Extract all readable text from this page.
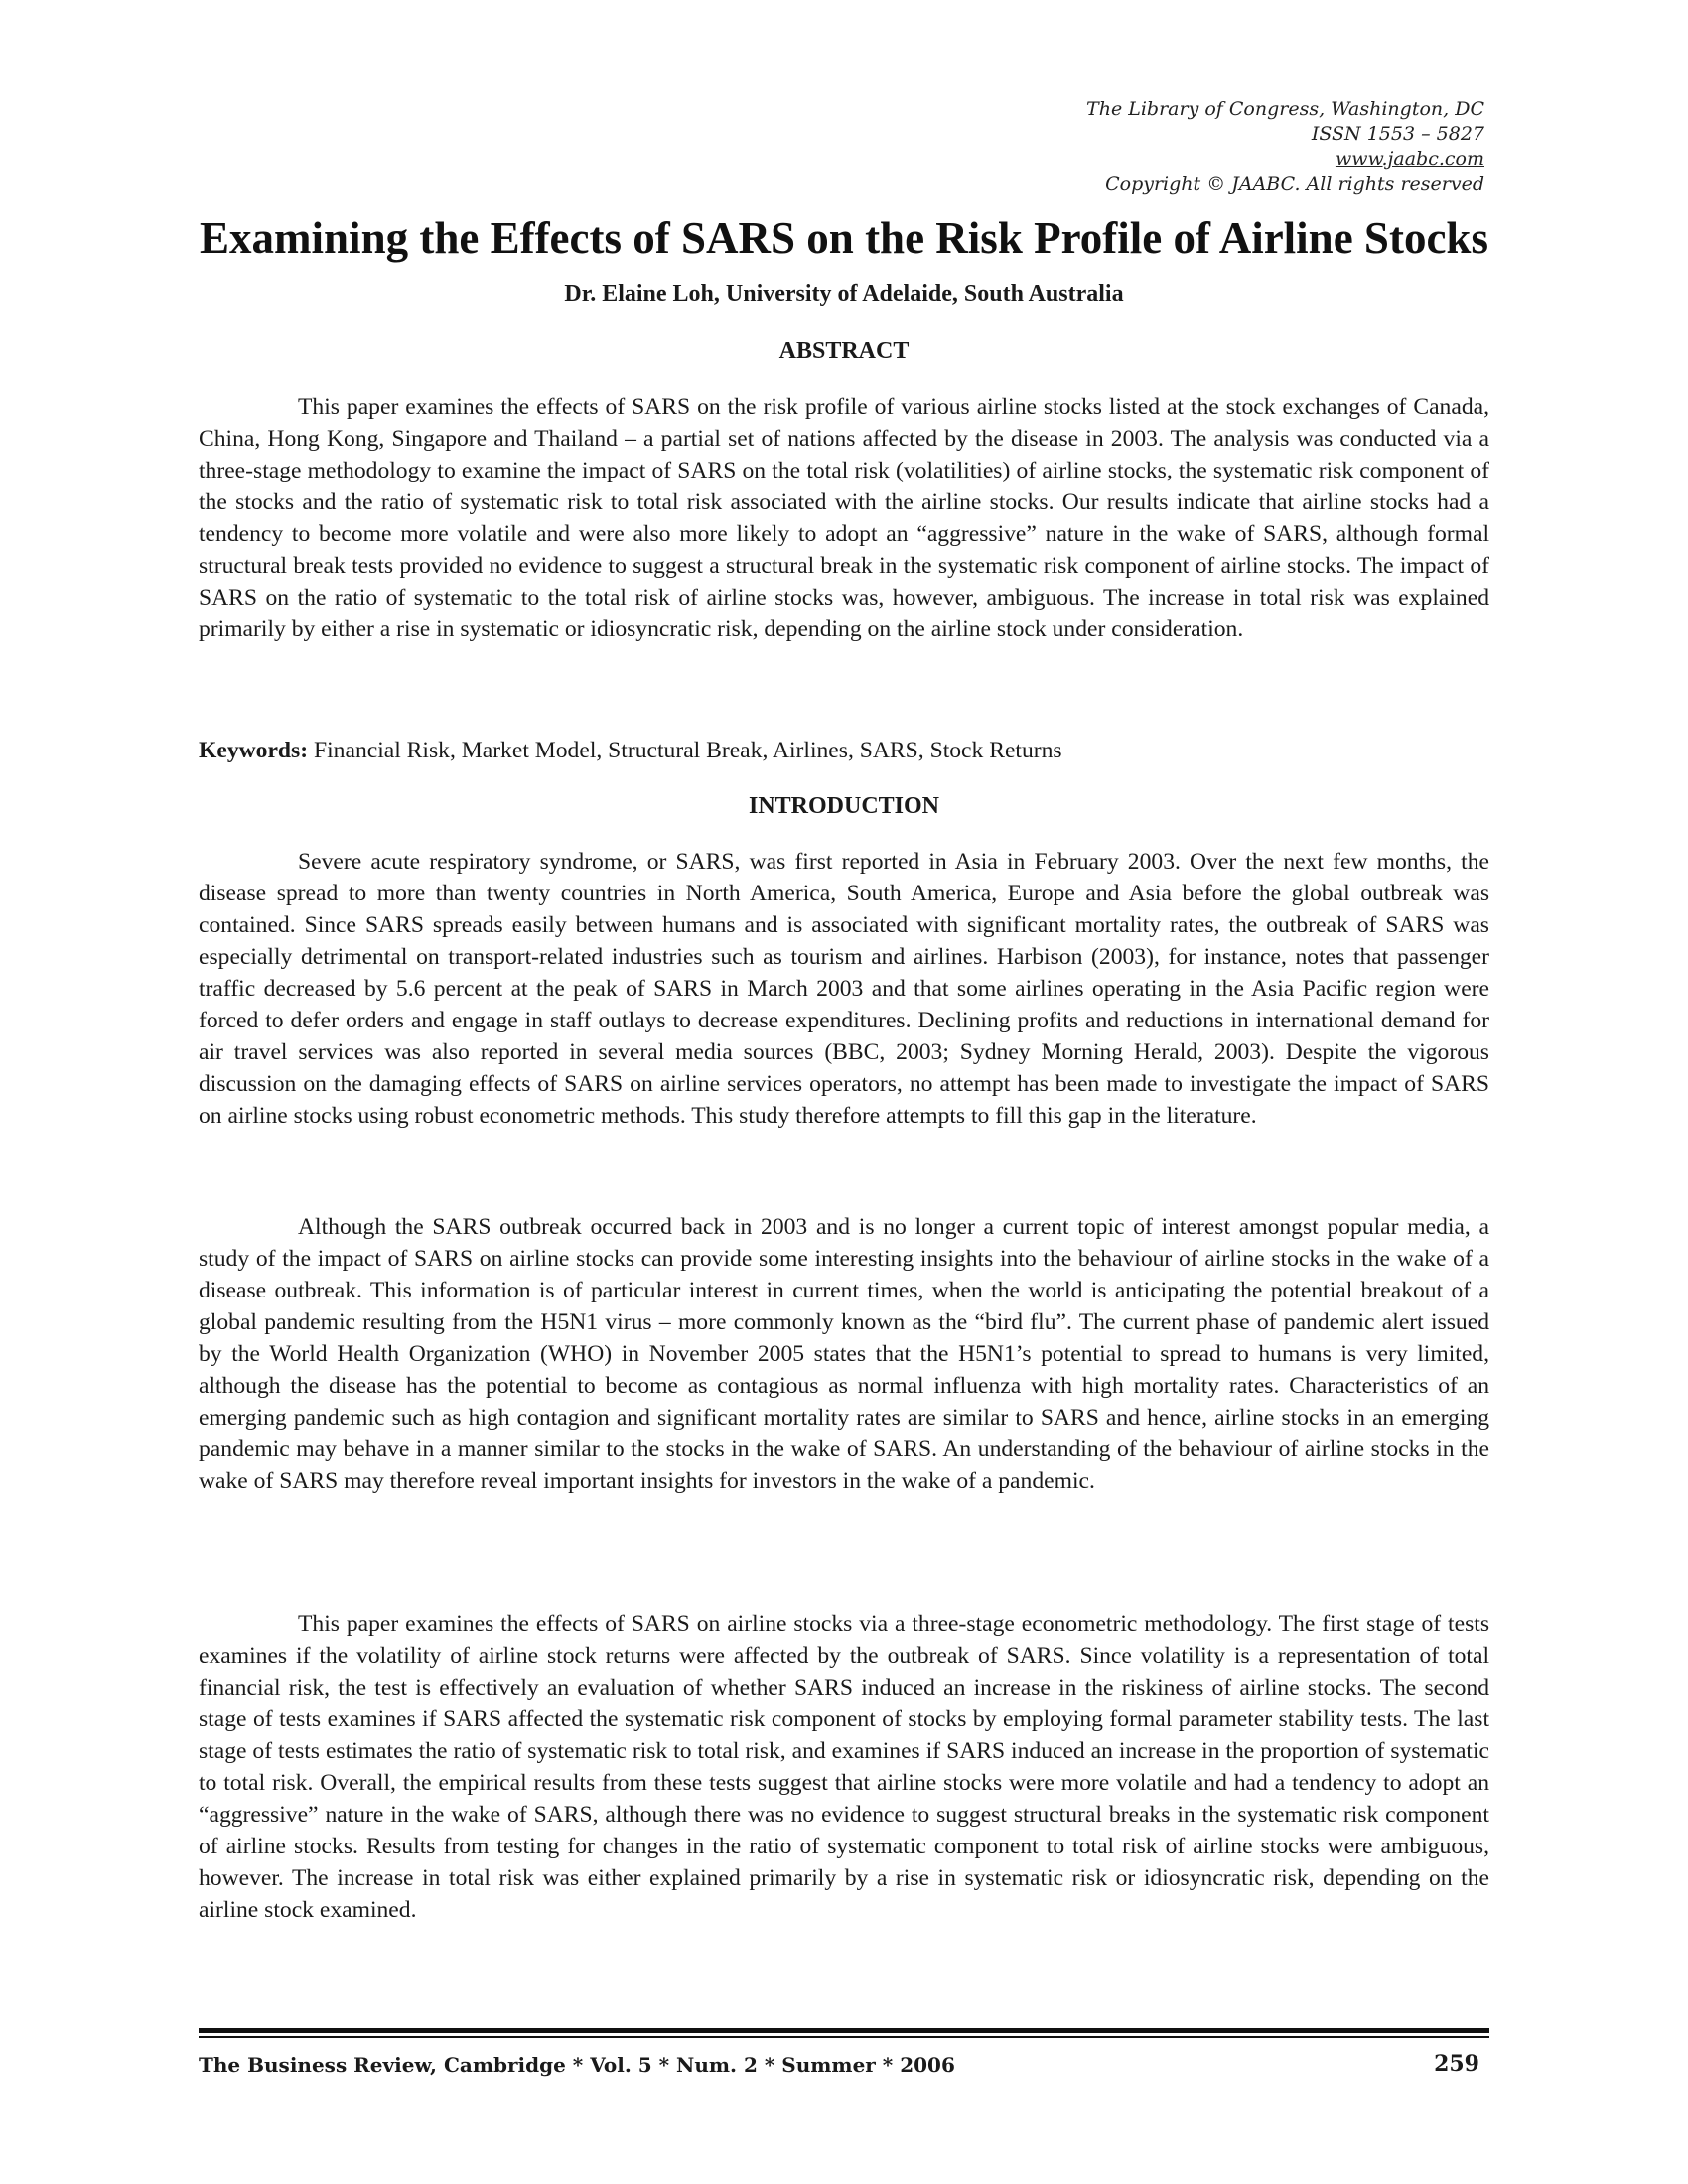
The Library of Congress, Washington, DC
ISSN 1553 – 5827
www.jaabc.com
Copyright © JAABC. All rights reserved
Examining the Effects of SARS on the Risk Profile of Airline Stocks

Dr. Elaine Loh, University of Adelaide, South Australia

ABSTRACT

This paper examines the effects of SARS on the risk profile of various airline stocks listed at the stock exchanges of Canada, China, Hong Kong, Singapore and Thailand – a partial set of nations affected by the disease in 2003. The analysis was conducted via a three-stage methodology to examine the impact of SARS on the total risk (volatilities) of airline stocks, the systematic risk component of the stocks and the ratio of systematic risk to total risk associated with the airline stocks. Our results indicate that airline stocks had a tendency to become more volatile and were also more likely to adopt an “aggressive” nature in the wake of SARS, although formal structural break tests provided no evidence to suggest a structural break in the systematic risk component of airline stocks. The impact of SARS on the ratio of systematic to the total risk of airline stocks was, however, ambiguous. The increase in total risk was explained primarily by either a rise in systematic or idiosyncratic risk, depending on the airline stock under consideration.

Keywords: Financial Risk, Market Model, Structural Break, Airlines, SARS, Stock Returns

INTRODUCTION

Severe acute respiratory syndrome, or SARS, was first reported in Asia in February 2003. Over the next few months, the disease spread to more than twenty countries in North America, South America, Europe and Asia before the global outbreak was contained. Since SARS spreads easily between humans and is associated with significant mortality rates, the outbreak of SARS was especially detrimental on transport-related industries such as tourism and airlines. Harbison (2003), for instance, notes that passenger traffic decreased by 5.6 percent at the peak of SARS in March 2003 and that some airlines operating in the Asia Pacific region were forced to defer orders and engage in staff outlays to decrease expenditures. Declining profits and reductions in international demand for air travel services was also reported in several media sources (BBC, 2003; Sydney Morning Herald, 2003). Despite the vigorous discussion on the damaging effects of SARS on airline services operators, no attempt has been made to investigate the impact of SARS on airline stocks using robust econometric methods. This study therefore attempts to fill this gap in the literature.

Although the SARS outbreak occurred back in 2003 and is no longer a current topic of interest amongst popular media, a study of the impact of SARS on airline stocks can provide some interesting insights into the behaviour of airline stocks in the wake of a disease outbreak. This information is of particular interest in current times, when the world is anticipating the potential breakout of a global pandemic resulting from the H5N1 virus – more commonly known as the “bird flu”. The current phase of pandemic alert issued by the World Health Organization (WHO) in November 2005 states that the H5N1’s potential to spread to humans is very limited, although the disease has the potential to become as contagious as normal influenza with high mortality rates. Characteristics of an emerging pandemic such as high contagion and significant mortality rates are similar to SARS and hence, airline stocks in an emerging pandemic may behave in a manner similar to the stocks in the wake of SARS. An understanding of the behaviour of airline stocks in the wake of SARS may therefore reveal important insights for investors in the wake of a pandemic.

This paper examines the effects of SARS on airline stocks via a three-stage econometric methodology. The first stage of tests examines if the volatility of airline stock returns were affected by the outbreak of SARS. Since volatility is a representation of total financial risk, the test is effectively an evaluation of whether SARS induced an increase in the riskiness of airline stocks. The second stage of tests examines if SARS affected the systematic risk component of stocks by employing formal parameter stability tests. The last stage of tests estimates the ratio of systematic risk to total risk, and examines if SARS induced an increase in the proportion of systematic to total risk. Overall, the empirical results from these tests suggest that airline stocks were more volatile and had a tendency to adopt an “aggressive” nature in the wake of SARS, although there was no evidence to suggest structural breaks in the systematic risk component of airline stocks. Results from testing for changes in the ratio of systematic component to total risk of airline stocks were ambiguous, however. The increase in total risk was either explained primarily by a rise in systematic risk or idiosyncratic risk, depending on the airline stock examined.

The Business Review, Cambridge * Vol. 5 * Num. 2 * Summer * 2006	259
